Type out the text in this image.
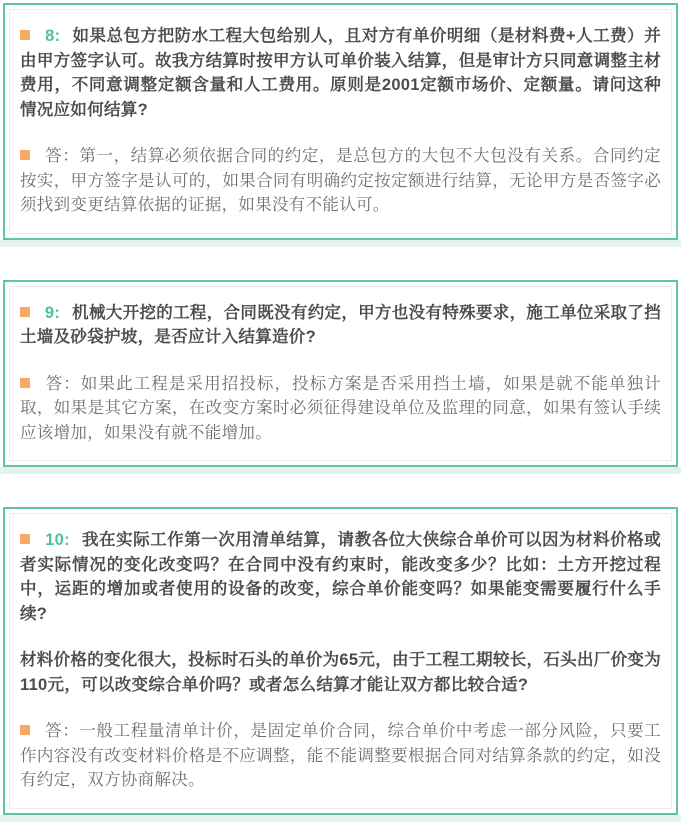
8: 如果总包方把防水工程大包给别人，且对方有单价明细（是材料费+人工费）并由甲方签字认可。故我方结算时按甲方认可单价装入结算，但是审计方只同意调整主材费用，不同意调整定额含量和人工费用。原则是2001定额市场价、定额量。请问这种情况应如何结算?

答：第一，结算必须依据合同的约定，是总包方的大包不大包没有关系。合同约定按实，甲方签字是认可的，如果合同有明确约定按定额进行结算，无论甲方是否签字必须找到变更结算依据的证据，如果没有不能认可。

9: 机械大开挖的工程，合同既没有约定，甲方也没有特殊要求，施工单位采取了挡土墙及砂袋护坡，是否应计入结算造价?

答：如果此工程是采用招投标，投标方案是否采用挡土墙，如果是就不能单独计取，如果是其它方案，在改变方案时必须征得建设单位及监理的同意，如果有签认手续应该增加，如果没有就不能增加。

10: 我在实际工作第一次用清单结算，请教各位大侠综合单价可以因为材料价格或者实际情况的变化改变吗？在合同中没有约束时，能改变多少？比如：土方开挖过程中，运距的增加或者使用的设备的改变，综合单价能变吗？如果能变需要履行什么手续?

材料价格的变化很大，投标时石头的单价为65元，由于工程工期较长，石头出厂价变为110元，可以改变综合单价吗？或者怎么结算才能让双方都比较合适?

答：一般工程量清单计价，是固定单价合同，综合单价中考虑一部分风险，只要工作内容没有改变材料价格是不应调整，能不能调整要根据合同对结算条款的约定，如没有约定，双方协商解决。
